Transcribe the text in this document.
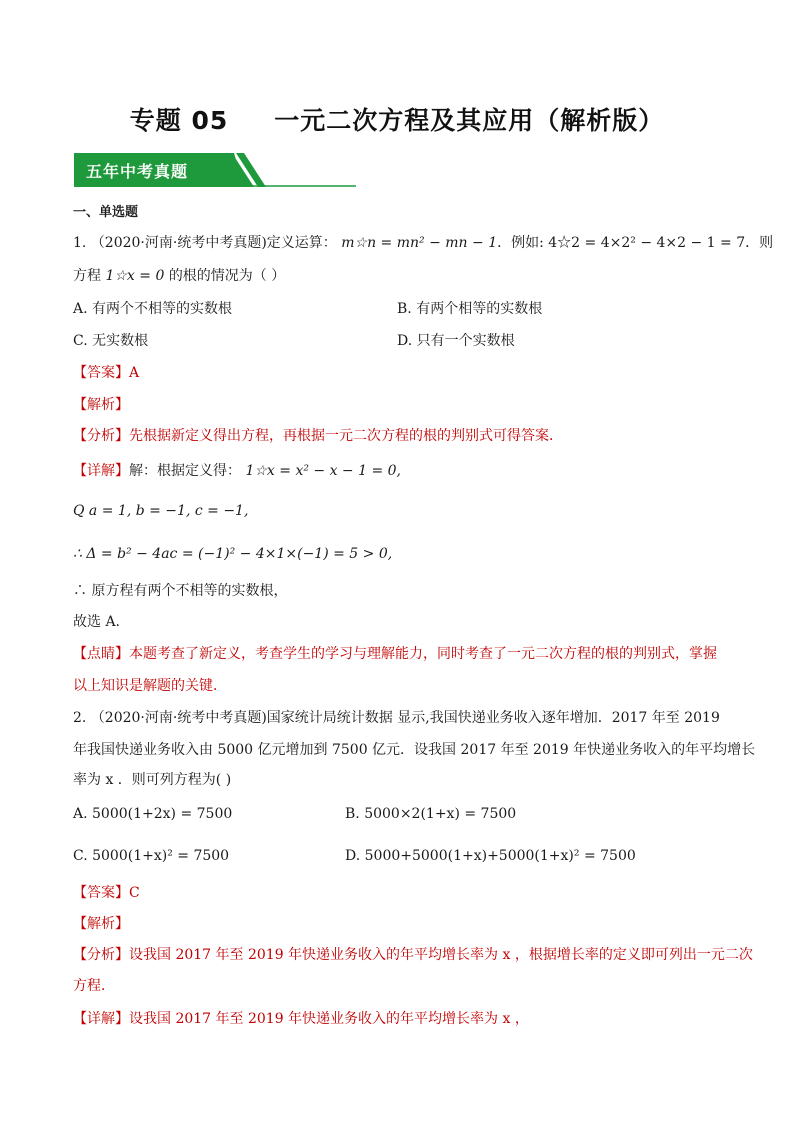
专题 05 一元二次方程及其应用（解析版）
五年中考真题
一、单选题
1. （2020·河南·统考中考真题)定义运算： m☆n = mn² − mn − 1．例如: 4☆2 = 4×2² − 4×2 − 1 = 7．则
方程 1☆x = 0 的根的情况为（ ）
A. 有两个不相等的实数根	B. 有两个相等的实数根
C. 无实数根	D. 只有一个实数根
【答案】A
【解析】
【分析】先根据新定义得出方程，再根据一元二次方程的根的判别式可得答案．
【详解】解：根据定义得： 1☆x = x² − x − 1 = 0,
Q a = 1, b = −1, c = −1,
∴ Δ = b² − 4ac = (−1)² − 4×1×(−1) = 5 > 0,
∴ 原方程有两个不相等的实数根，
故选 A.
【点睛】本题考查了新定义，考查学生的学习与理解能力，同时考查了一元二次方程的根的判别式，掌握
以上知识是解题的关键．
2. （2020·河南·统考中考真题)国家统计局统计数据 显示,我国快递业务收入逐年增加．2017 年至 2019
年我国快递业务收入由 5000 亿元增加到 7500 亿元．设我国 2017 年至 2019 年快递业务收入的年平均增长
率为 x ．则可列方程为( )
A. 5000(1+2x) = 7500	B. 5000×2(1+x) = 7500
C. 5000(1+x)² = 7500	D. 5000+5000(1+x)+5000(1+x)² = 7500
【答案】C
【解析】
【分析】设我国 2017 年至 2019 年快递业务收入的年平均增长率为 x ，根据增长率的定义即可列出一元二次
方程．
【详解】设我国 2017 年至 2019 年快递业务收入的年平均增长率为 x ，
